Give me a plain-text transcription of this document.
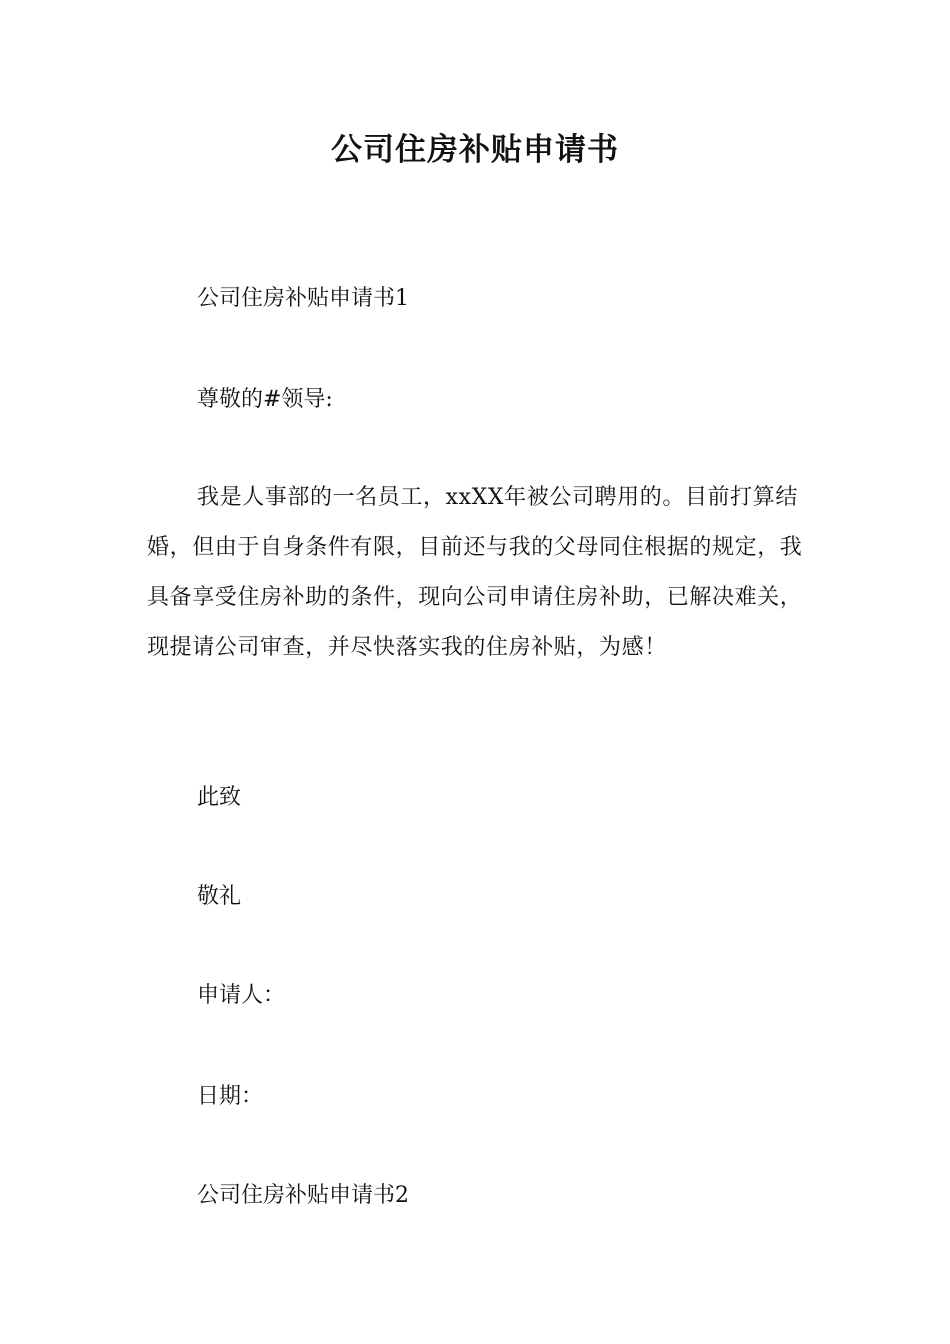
公司住房补贴申请书

公司住房补贴申请书1

尊敬的#领导:

我是人事部的一名员工，xxXX年被公司聘用的。目前打算结婚，但由于自身条件有限，目前还与我的父母同住根据的规定，我具备享受住房补助的条件，现向公司申请住房补助，已解决难关，现提请公司审查，并尽快落实我的住房补贴，为感！

此致

敬礼

申请人：

日期：

公司住房补贴申请书2
